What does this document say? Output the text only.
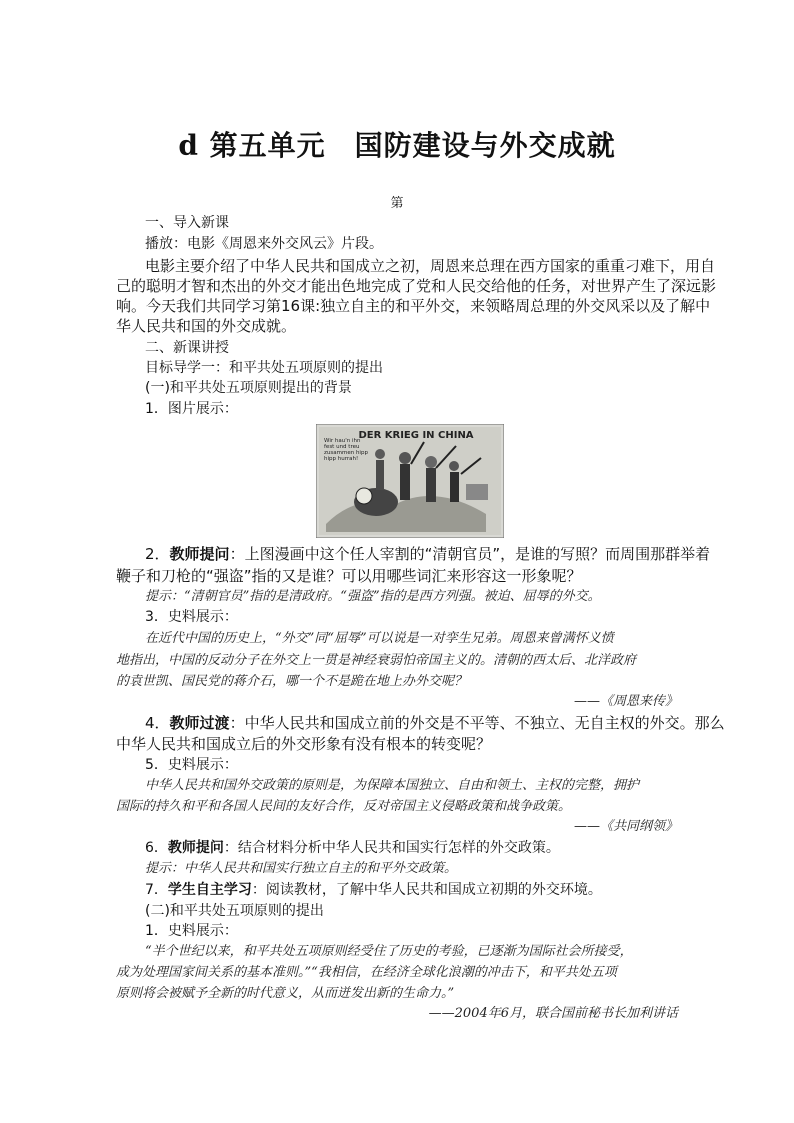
d 第五单元　国防建设与外交成就
第
一、导入新课
播放：电影《周恩来外交风云》片段。
电影主要介绍了中华人民共和国成立之初，周恩来总理在西方国家的重重刁难下，用自
己的聪明才智和杰出的外交才能出色地完成了党和人民交给他的任务，对世界产生了深远影
响。今天我们共同学习第16课:独立自主的和平外交，来领略周总理的外交风采以及了解中
华人民共和国的外交成就。
二、新课讲授
目标导学一：和平共处五项原则的提出
(一)和平共处五项原则提出的背景
1．图片展示：
DER KRIEG IN CHINA
Wir hau'n ihn fest und treu zusammen hipp hipp hurrah!
2．教师提问：上图漫画中这个任人宰割的“清朝官员”，是谁的写照？而周围那群举着
鞭子和刀枪的“强盗”指的又是谁？可以用哪些词汇来形容这一形象呢？
提示：“清朝官员”指的是清政府。“强盗”指的是西方列强。被迫、屈辱的外交。
3．史料展示：
在近代中国的历史上，“外交”同“屈辱”可以说是一对孪生兄弟。周恩来曾满怀义愤
地指出，中国的反动分子在外交上一贯是神经衰弱怕帝国主义的。清朝的西太后、北洋政府
的袁世凯、国民党的蒋介石，哪一个不是跪在地上办外交呢？
——《周恩来传》
4．教师过渡：中华人民共和国成立前的外交是不平等、不独立、无自主权的外交。那么
中华人民共和国成立后的外交形象有没有根本的转变呢？
5．史料展示：
中华人民共和国外交政策的原则是，为保障本国独立、自由和领土、主权的完整，拥护
国际的持久和平和各国人民间的友好合作，反对帝国主义侵略政策和战争政策。
——《共同纲领》
6．教师提问：结合材料分析中华人民共和国实行怎样的外交政策。
提示：中华人民共和国实行独立自主的和平外交政策。
7．学生自主学习：阅读教材，了解中华人民共和国成立初期的外交环境。
(二)和平共处五项原则的提出
1．史料展示：
“半个世纪以来，和平共处五项原则经受住了历史的考验，已逐渐为国际社会所接受，
成为处理国家间关系的基本准则。”“我相信，在经济全球化浪潮的冲击下，和平共处五项
原则将会被赋予全新的时代意义，从而迸发出新的生命力。”
——2004年6月，联合国前秘书长加利讲话
